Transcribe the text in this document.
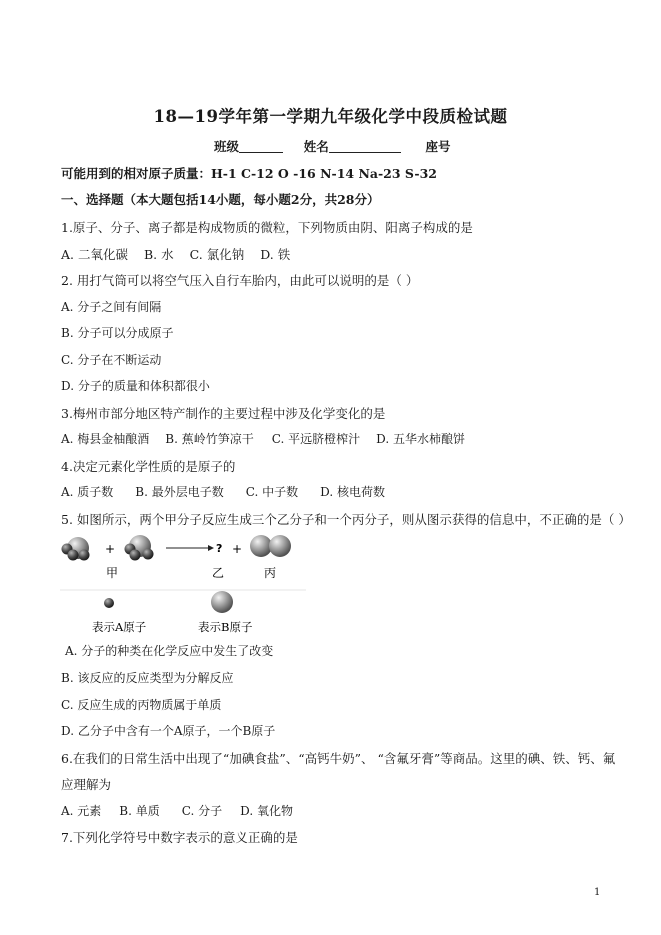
18—19学年第一学期九年级化学中段质检试题
班级	姓名	座号
可能用到的相对原子质量：H-1 C-12 O -16 N-14 Na-23 S-32
一、选择题（本大题包括14小题，每小题2分，共28分）
1.原子、分子、离子都是构成物质的微粒，下列物质由阴、阳离子构成的是
A. 二氧化碳 B. 水 C. 氯化钠 D. 铁
2. 用打气筒可以将空气压入自行车胎内，由此可以说明的是（ ）
A. 分子之间有间隔
B. 分子可以分成原子
C. 分子在不断运动
D. 分子的质量和体积都很小
3.梅州市部分地区特产制作的主要过程中涉及化学变化的是
A. 梅县金柚酿酒 B. 蕉岭竹笋凉干 C. 平远脐橙榨汁 D. 五华水柿酿饼
4.决定元素化学性质的是原子的
A. 质子数 B. 最外层电子数 C. 中子数 D. 核电荷数
5. 如图所示，两个甲分子反应生成三个乙分子和一个丙分子，则从图示获得的信息中，不正确的是（ ）
+	? +
甲	乙	丙
表示A原子	表示B原子
A. 分子的种类在化学反应中发生了改变
B. 该反应的反应类型为分解反应
C. 反应生成的丙物质属于单质
D. 乙分子中含有一个A原子，一个B原子
6.在我们的日常生活中出现了“加碘食盐”、“高钙牛奶”、 “含氟牙膏”等商品。这里的碘、铁、钙、氟
应理解为
A. 元素 B. 单质 C. 分子 D. 氧化物
7.下列化学符号中数字表示的意义正确的是
1
